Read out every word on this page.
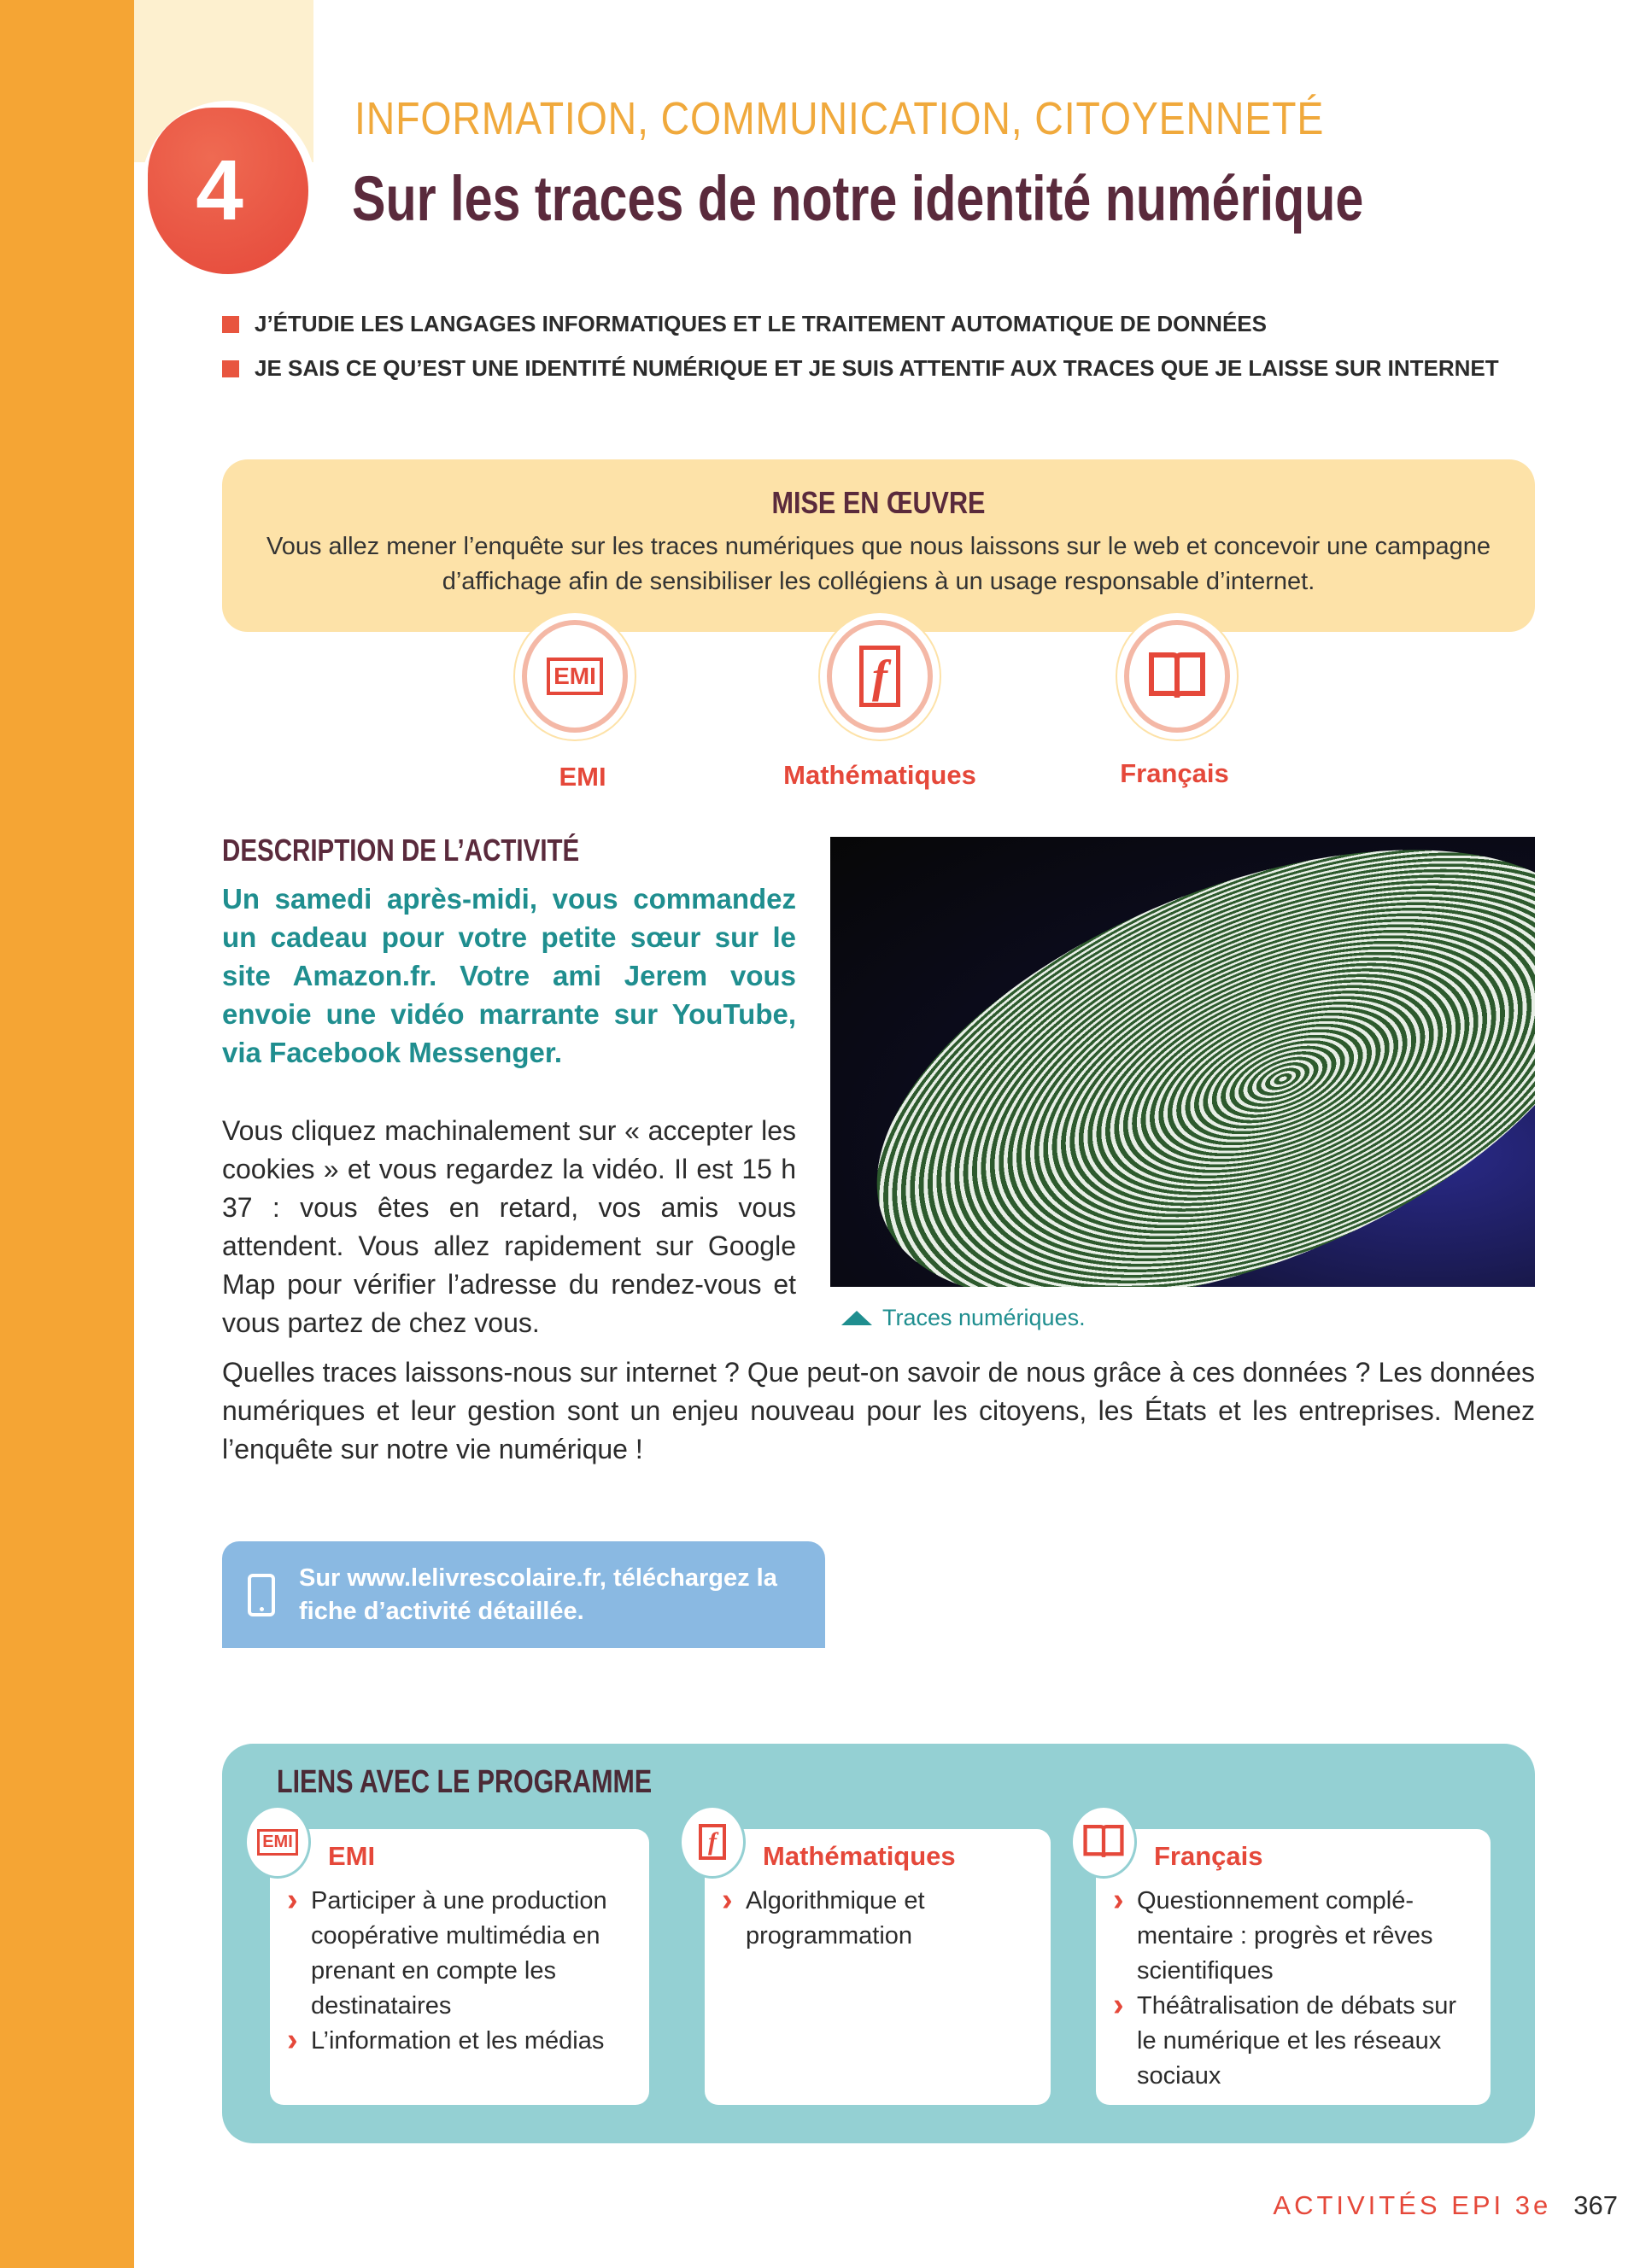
4
INFORMATION, COMMUNICATION, CITOYENNETÉ
Sur les traces de notre identité numérique
J’ÉTUDIE LES LANGAGES INFORMATIQUES ET LE TRAITEMENT AUTOMATIQUE DE DONNÉES
JE SAIS CE QU’EST UNE IDENTITÉ NUMÉRIQUE ET JE SUIS ATTENTIF AUX TRACES QUE JE LAISSE SUR INTERNET
MISE EN ŒUVRE

Vous allez mener l’enquête sur les traces numériques que nous laissons sur le web et concevoir une campagne d’affichage afin de sensibiliser les collégiens à un usage responsable d’internet.

EMI	f
EMI	Mathématiques	Français
DESCRIPTION DE L’ACTIVITÉ
Un samedi après-midi, vous commandez un cadeau pour votre petite sœur sur le site Amazon.fr. Votre ami Jerem vous envoie une vidéo marrante sur YouTube, via Facebook Messenger.
Vous cliquez machinalement sur « accepter les cookies » et vous regardez la vidéo. Il est 15 h 37 : vous êtes en retard, vos amis vous attendent. Vous allez rapidement sur Google Map pour vérifier l’adresse du rendez-vous et vous partez de chez vous.	Traces numériques.
Quelles traces laissons-nous sur internet ? Que peut-on savoir de nous grâce à ces données ? Les données numériques et leur gestion sont un enjeu nouveau pour les citoyens, les États et les entreprises. Menez l’enquête sur notre vie numérique !
Sur www.lelivrescolaire.fr, téléchargez la fiche d’activité détaillée.
LIENS AVEC LE PROGRAMME
EMI EMI
› Participer à une production coopérative multimédia en prenant en compte les destinataires
› L’information et les médias
f	Mathématiques
› Algorithmique et programmation
Français
› Questionnement complémentaire : progrès et rêves scientifiques
› Théâtralisation de débats sur le numérique et les réseaux sociaux
ACTIVITÉS EPI 3e 367
